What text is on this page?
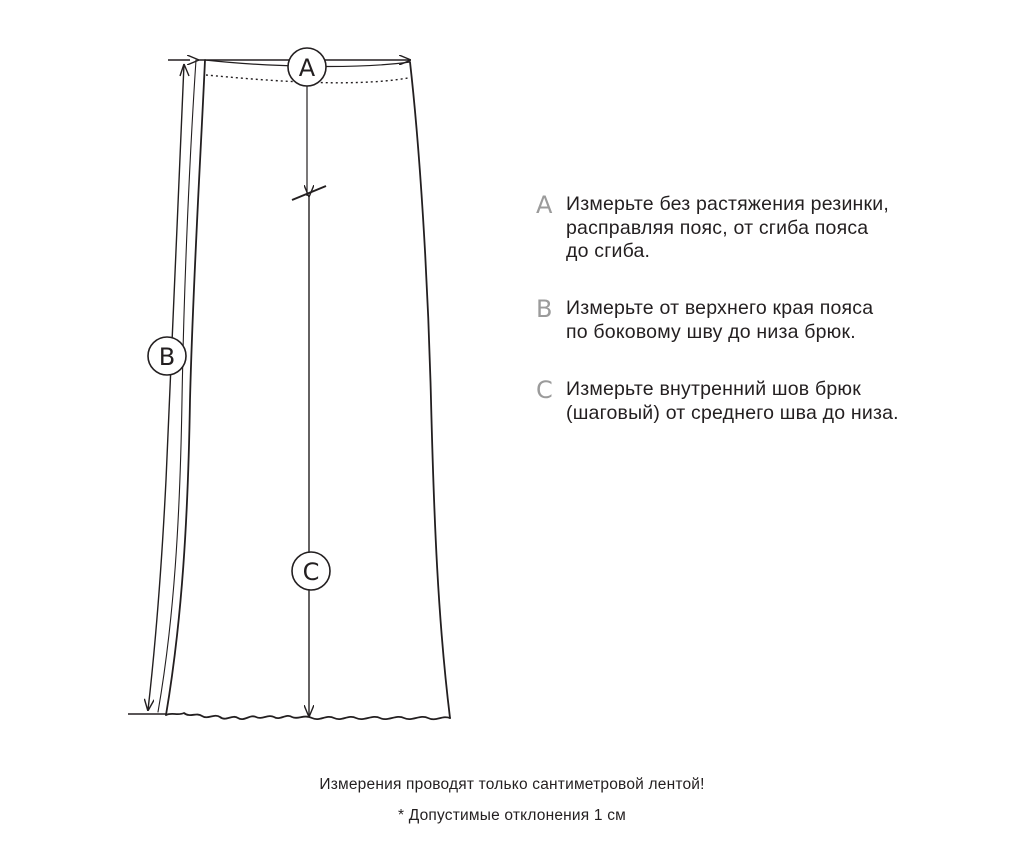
A
B
C
A Измерьте без растяжения резинки,
расправляя пояс, от сгиба пояса
до сгиба.
B Измерьте от верхнего края пояса
по боковому шву до низа брюк.
C Измерьте внутренний шов брюк
(шаговый) от среднего шва до низа.
Измерения проводят только сантиметровой лентой!
* Допустимые отклонения 1 см
